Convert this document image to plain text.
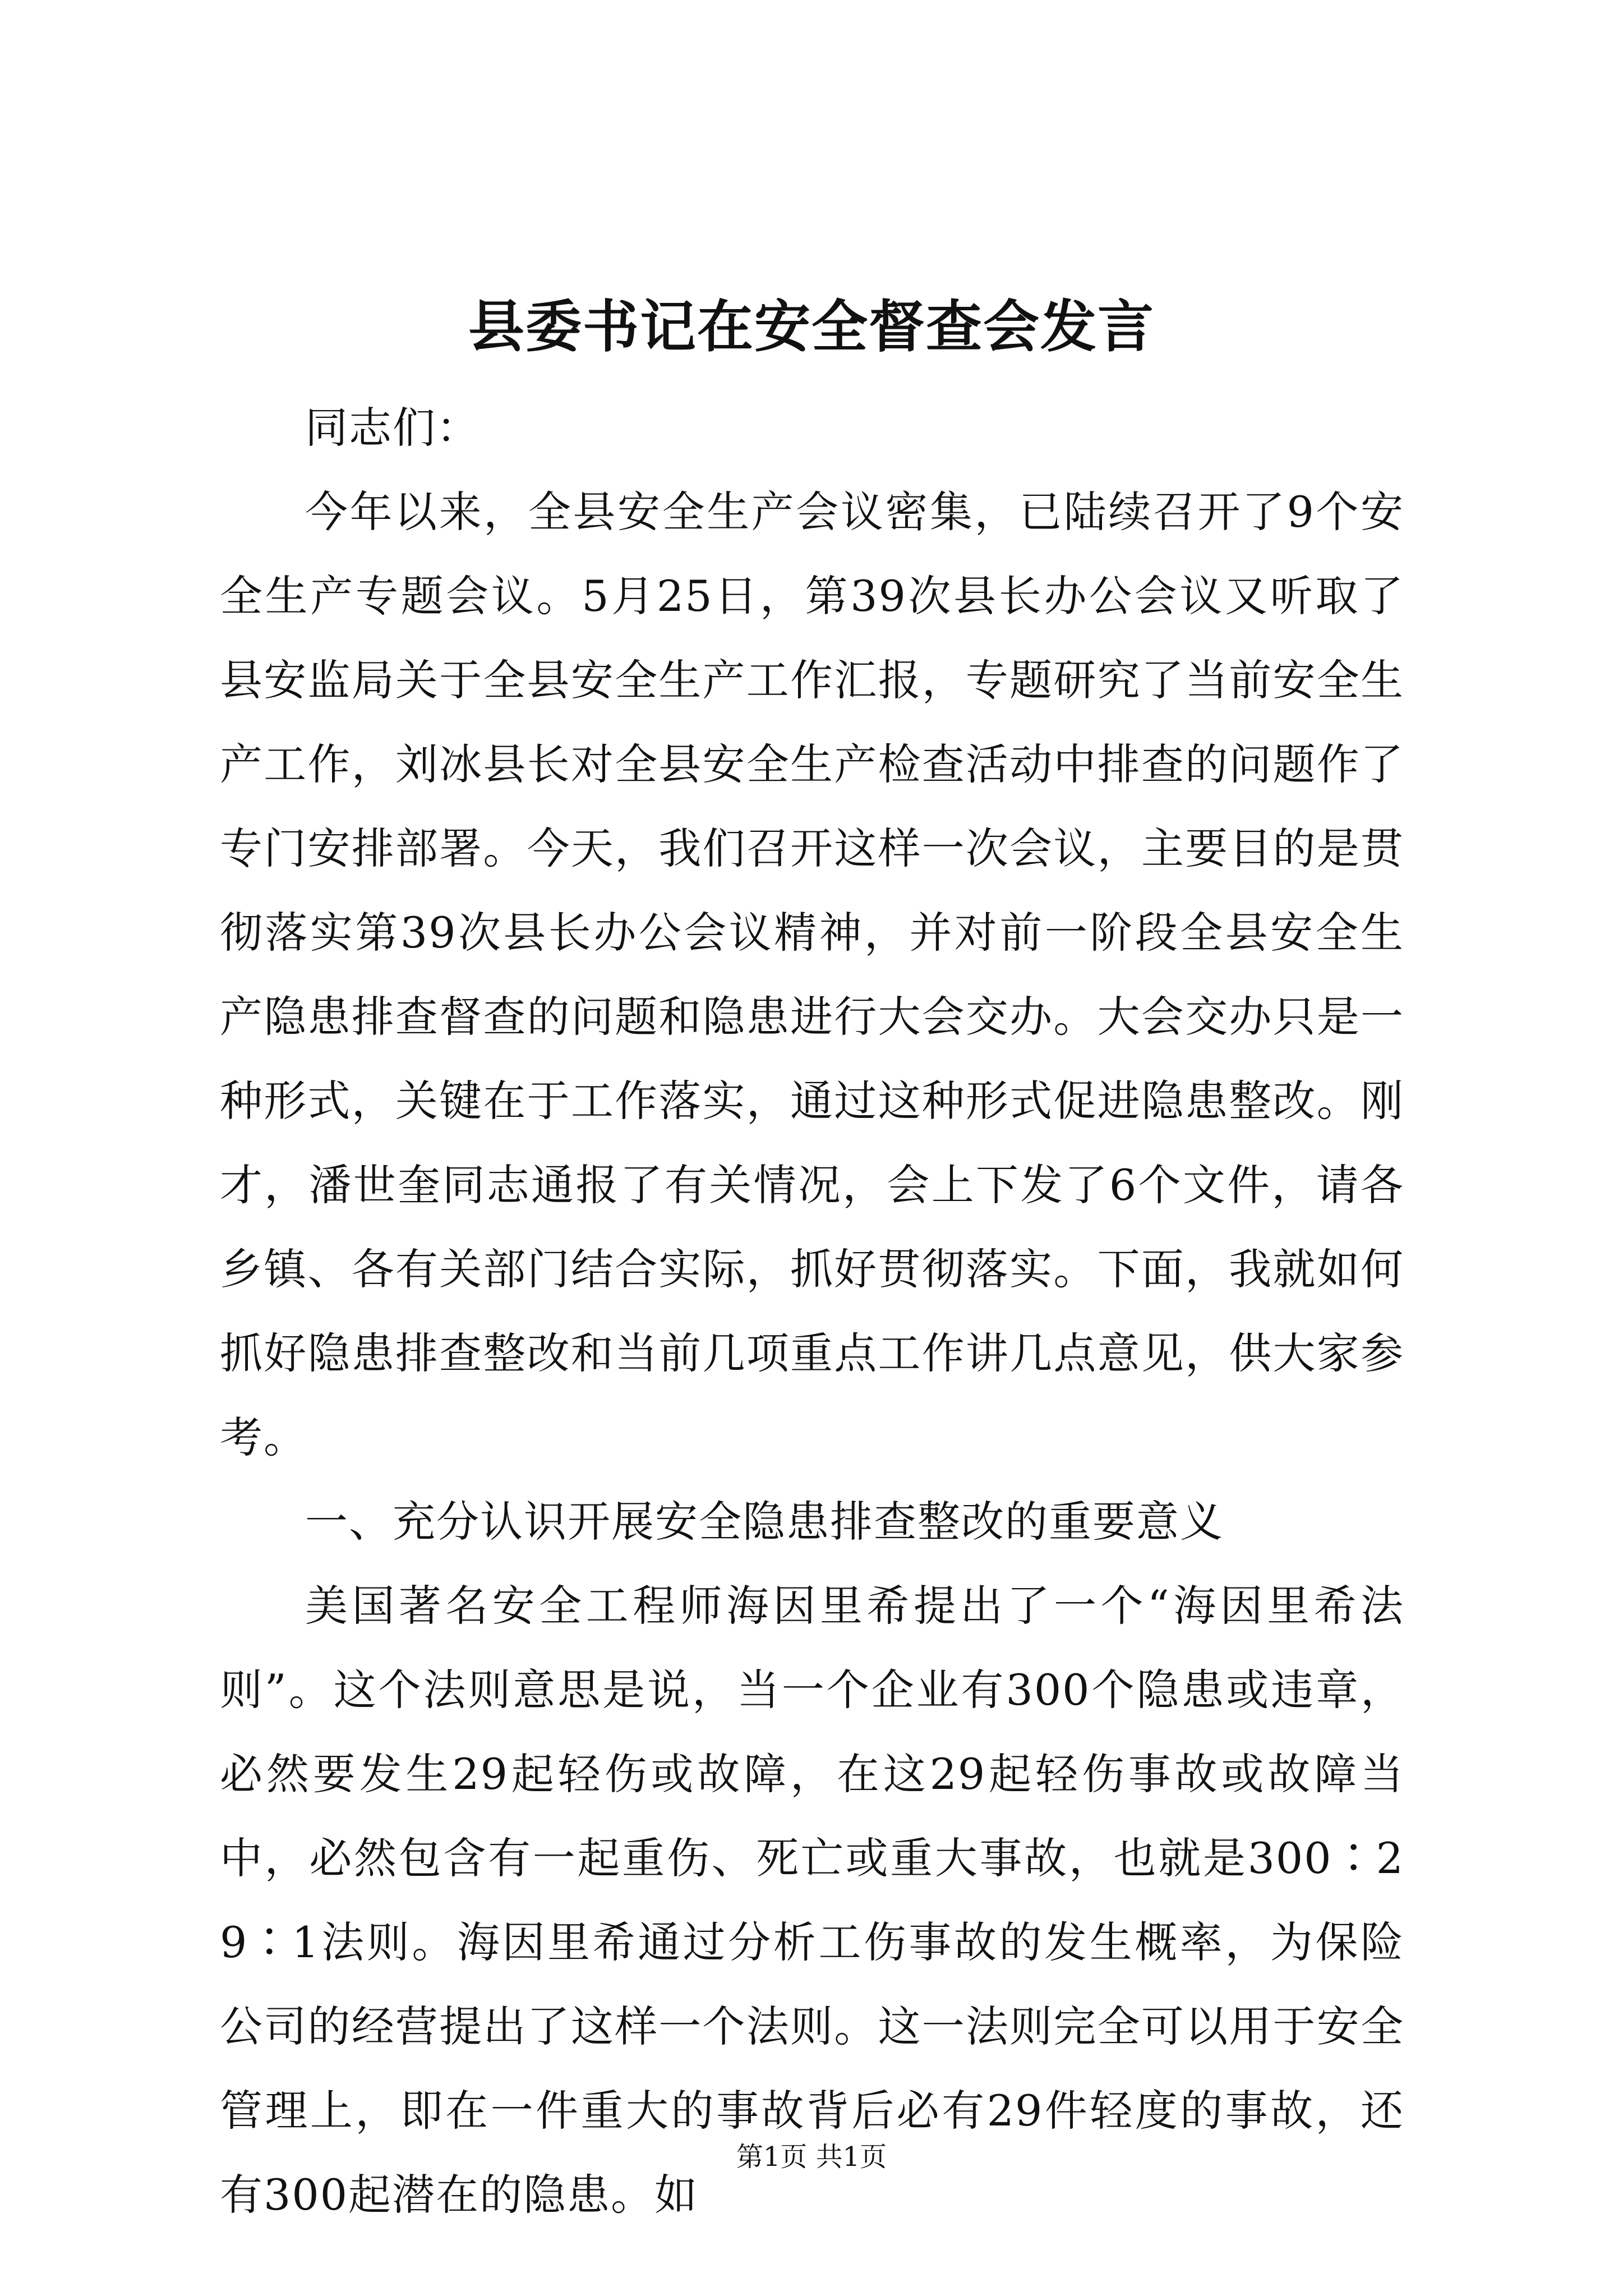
县委书记在安全督查会发言

同志们：

今年以来，全县安全生产会议密集，已陆续召开了9个安全生产专题会议。5月25日，第39次县长办公会议又听取了县安监局关于全县安全生产工作汇报，专题研究了当前安全生产工作，刘冰县长对全县安全生产检查活动中排查的问题作了专门安排部署。今天，我们召开这样一次会议，主要目的是贯彻落实第39次县长办公会议精神，并对前一阶段全县安全生产隐患排查督查的问题和隐患进行大会交办。大会交办只是一种形式，关键在于工作落实，通过这种形式促进隐患整改。刚才，潘世奎同志通报了有关情况，会上下发了6个文件，请各乡镇、各有关部门结合实际，抓好贯彻落实。下面，我就如何抓好隐患排查整改和当前几项重点工作讲几点意见，供大家参考。

一、充分认识开展安全隐患排查整改的重要意义

美国著名安全工程师海因里希提出了一个“海因里希法则”。这个法则意思是说，当一个企业有300个隐患或违章，必然要发生29起轻伤或故障，在这29起轻伤事故或故障当中，必然包含有一起重伤、死亡或重大事故，也就是300∶29∶1法则。海因里希通过分析工伤事故的发生概率，为保险公司的经营提出了这样一个法则。这一法则完全可以用于安全管理上，即在一件重大的事故背后必有29件轻度的事故，还有300起潜在的隐患。如

第1页 共1页
